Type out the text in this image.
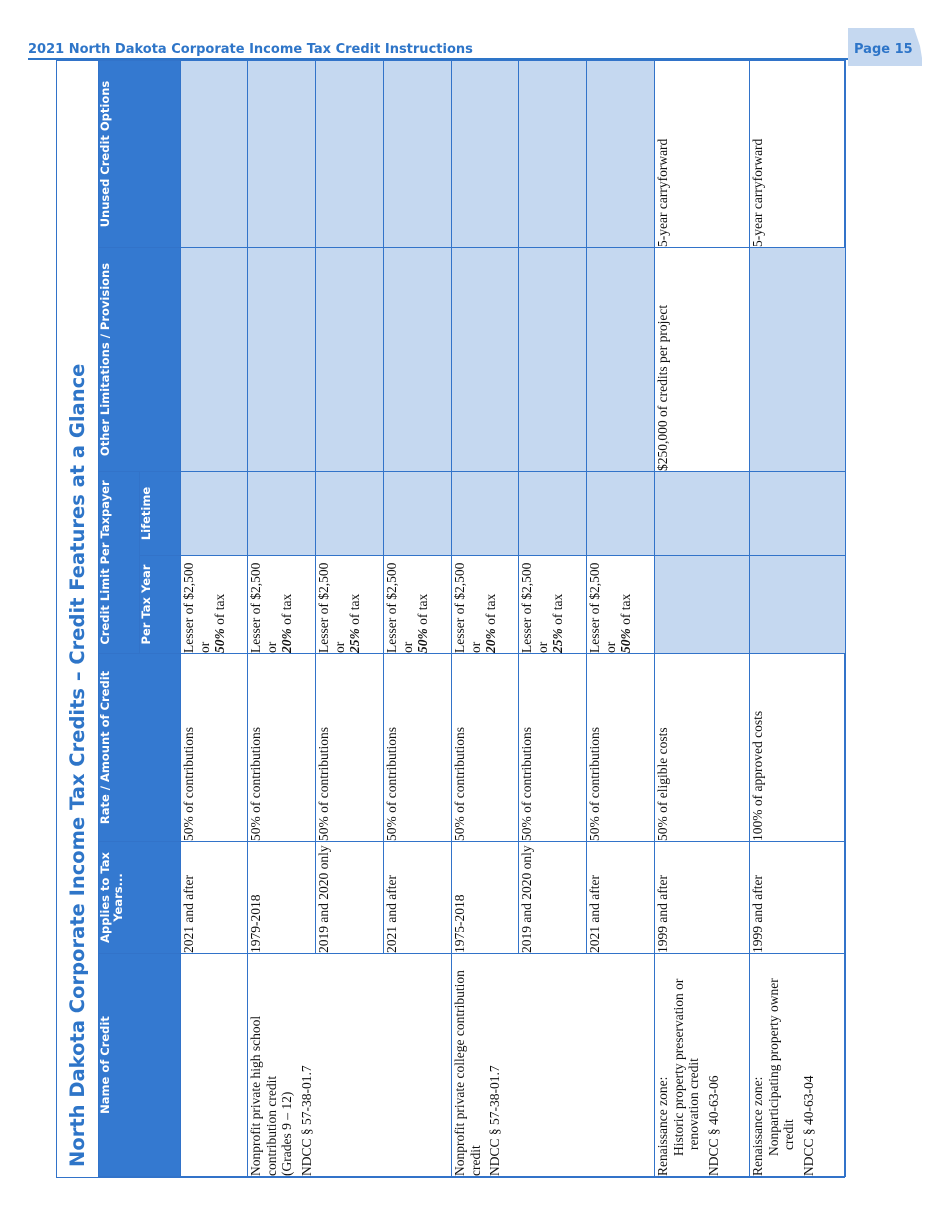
2021 North Dakota Corporate Income Tax Credit Instructions	Page 15
North Dakota Corporate Income Tax Credits – Credit Features at a Glance Name of Credit	Applies to Tax Years...	Rate / Amount of Credit	Credit Limit Per Taxpayer		Other Limitations / Provisions	Unused Credit Options
			Per Tax Year	Lifetime		
	2021 and after	50% of contributions	Lesser of $2,500 or 50% of tax			

Nonprofit private high school contribution credit (Grades 9 – 12) NDCC § 57-38-01.7	1979-2018	50% of contributions	Lesser of $2,500 or 20% of tax			
	2019 and 2020 only	50% of contributions	Lesser of $2,500 or 25% of tax			
	2021 and after	50% of contributions	Lesser of $2,500 or 50% of tax			

Nonprofit private college contribution credit NDCC § 57-38-01.7	1975-2018	50% of contributions	Lesser of $2,500 or 20% of tax			
	2019 and 2020 only	50% of contributions	Lesser of $2,500 or 25% of tax			
	2021 and after	50% of contributions	Lesser of $2,500 or 50% of tax			

Renaissance zone: Historic property preservation or renovation credit NDCC § 40-63-06	1999 and after	50% of eligible costs			$250,000 of credits per project	5-year carryforward

Renaissance zone: Nonparticipating property owner credit NDCC § 40-63-04	1999 and after	100% of approved costs				5-year carryforward
